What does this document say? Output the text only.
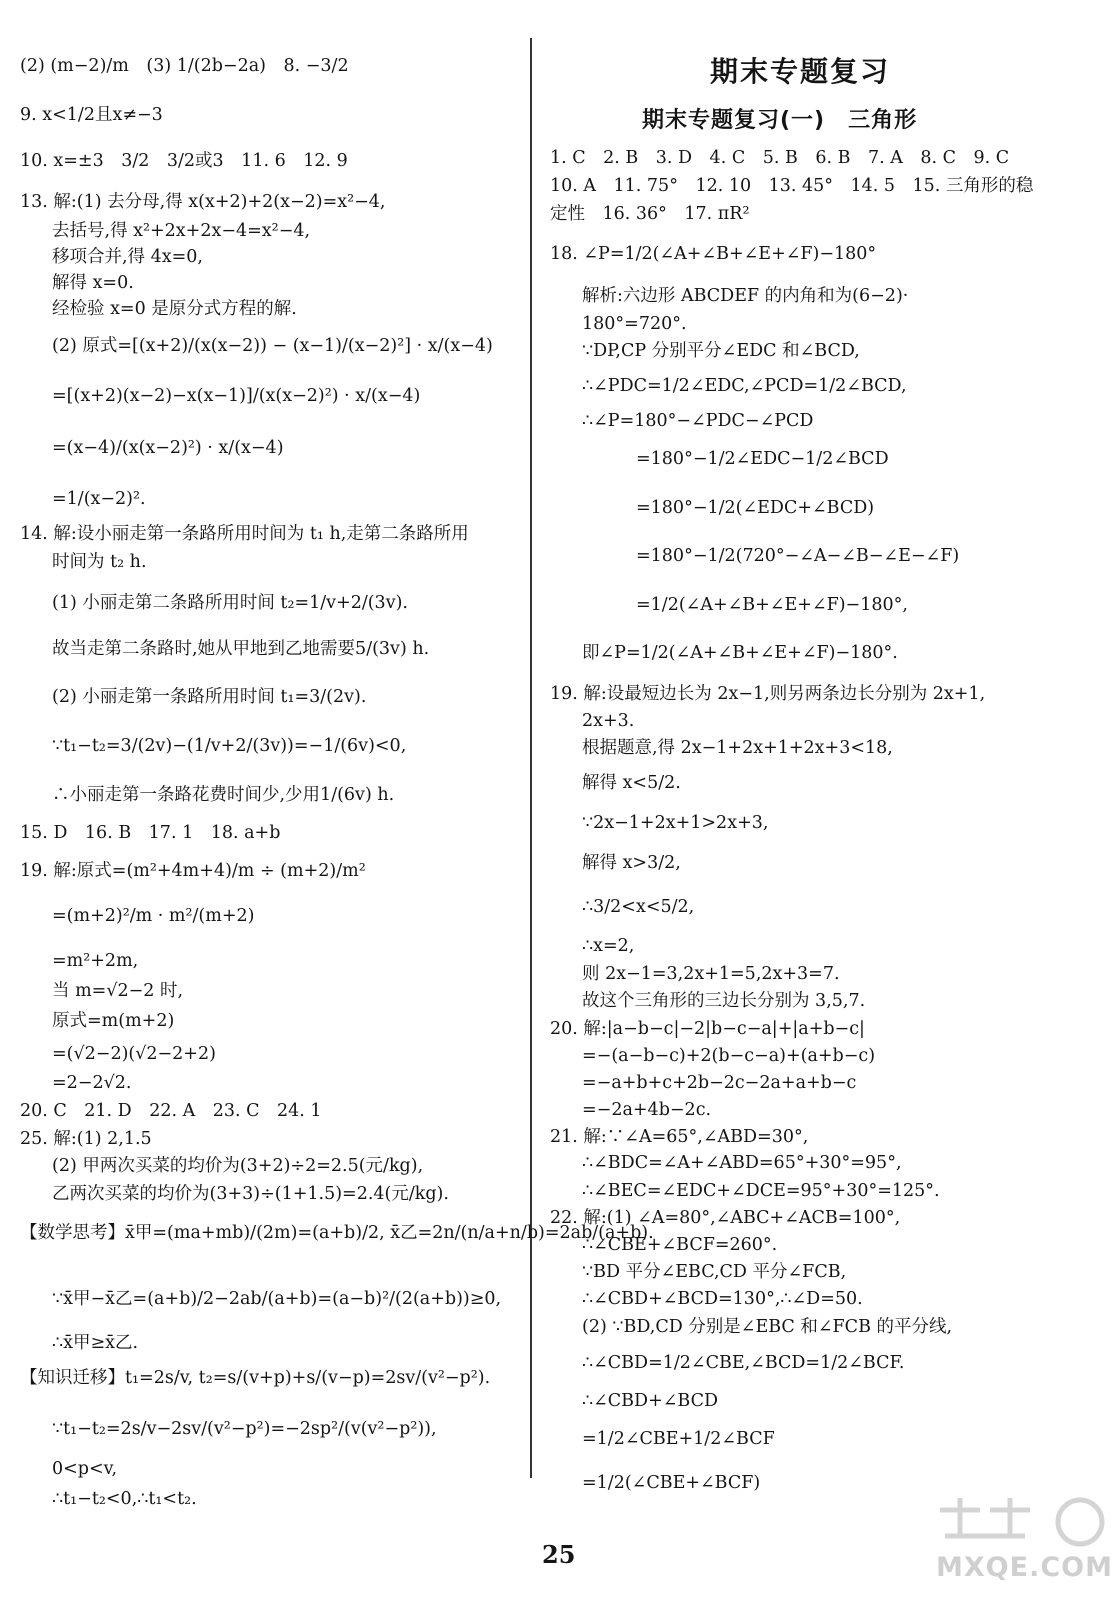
期末专题复习
期末专题复习(一)　三角形
(2) (m−2)/m　(3) 1/(2b−2a)　8. −3/2
9. x<1/2且x≠−3
10. x=±3　3/2　3/2或3　11. 6　12. 9
13. 解:(1) 去分母,得 x(x+2)+2(x−2)=x²−4,
去括号,得 x²+2x+2x−4=x²−4,
移项合并,得 4x=0,
解得 x=0.
经检验 x=0 是原分式方程的解.
(2) 原式=[(x+2)/(x(x−2)) − (x−1)/(x−2)²] · x/(x−4)
=[(x+2)(x−2)−x(x−1)]/(x(x−2)²) · x/(x−4)
=(x−4)/(x(x−2)²) · x/(x−4)
=1/(x−2)².
14. 解:设小丽走第一条路所用时间为 t₁ h,走第二条路所用
时间为 t₂ h.
(1) 小丽走第二条路所用时间 t₂=1/v+2/(3v).
故当走第二条路时,她从甲地到乙地需要5/(3v) h.
(2) 小丽走第一条路所用时间 t₁=3/(2v).
∵t₁−t₂=3/(2v)−(1/v+2/(3v))=−1/(6v)<0,
∴小丽走第一条路花费时间少,少用1/(6v) h.
15. D　16. B　17. 1　18. a+b
19. 解:原式=(m²+4m+4)/m ÷ (m+2)/m²
=(m+2)²/m · m²/(m+2)
=m²+2m,
当 m=√2−2 时,
原式=m(m+2)
=(√2−2)(√2−2+2)
=2−2√2.
20. C　21. D　22. A　23. C　24. 1
25. 解:(1) 2,1.5
(2) 甲两次买菜的均价为(3+2)÷2=2.5(元/kg),
乙两次买菜的均价为(3+3)÷(1+1.5)=2.4(元/kg).
【数学思考】x̄甲=(ma+mb)/(2m)=(a+b)/2, x̄乙=2n/(n/a+n/b)=2ab/(a+b).
∵x̄甲−x̄乙=(a+b)/2−2ab/(a+b)=(a−b)²/(2(a+b))≥0,
∴x̄甲≥x̄乙.
【知识迁移】t₁=2s/v, t₂=s/(v+p)+s/(v−p)=2sv/(v²−p²).
∵t₁−t₂=2s/v−2sv/(v²−p²)=−2sp²/(v(v²−p²)),
0<p<v,
∴t₁−t₂<0,∴t₁<t₂.
1. C　2. B　3. D　4. C　5. B　6. B　7. A　8. C　9. C
10. A　11. 75°　12. 10　13. 45°　14. 5　15. 三角形的稳
定性　16. 36°　17. πR²
18. ∠P=1/2(∠A+∠B+∠E+∠F)−180°
解析:六边形 ABCDEF 的内角和为(6−2)·
180°=720°.
∵DP,CP 分别平分∠EDC 和∠BCD,
∴∠PDC=1/2∠EDC,∠PCD=1/2∠BCD,
∴∠P=180°−∠PDC−∠PCD
=180°−1/2∠EDC−1/2∠BCD
=180°−1/2(∠EDC+∠BCD)
=180°−1/2(720°−∠A−∠B−∠E−∠F)
=1/2(∠A+∠B+∠E+∠F)−180°,
即∠P=1/2(∠A+∠B+∠E+∠F)−180°.
19. 解:设最短边长为 2x−1,则另两条边长分别为 2x+1,
2x+3.
根据题意,得 2x−1+2x+1+2x+3<18,
解得 x<5/2.
∵2x−1+2x+1>2x+3,
解得 x>3/2,
∴3/2<x<5/2,
∴x=2,
则 2x−1=3,2x+1=5,2x+3=7.
故这个三角形的三边长分别为 3,5,7.
20. 解:|a−b−c|−2|b−c−a|+|a+b−c|
=−(a−b−c)+2(b−c−a)+(a+b−c)
=−a+b+c+2b−2c−2a+a+b−c
=−2a+4b−2c.
21. 解:∵∠A=65°,∠ABD=30°,
∴∠BDC=∠A+∠ABD=65°+30°=95°,
∴∠BEC=∠EDC+∠DCE=95°+30°=125°.
22. 解:(1) ∠A=80°,∠ABC+∠ACB=100°,
∴∠CBE+∠BCF=260°.
∵BD 平分∠EBC,CD 平分∠FCB,
∴∠CBD+∠BCD=130°,∴∠D=50.
(2) ∵BD,CD 分别是∠EBC 和∠FCB 的平分线,
∴∠CBD=1/2∠CBE,∠BCD=1/2∠BCF.
∴∠CBD+∠BCD
=1/2∠CBE+1/2∠BCF
=1/2(∠CBE+∠BCF)
25	MXQE.COM
